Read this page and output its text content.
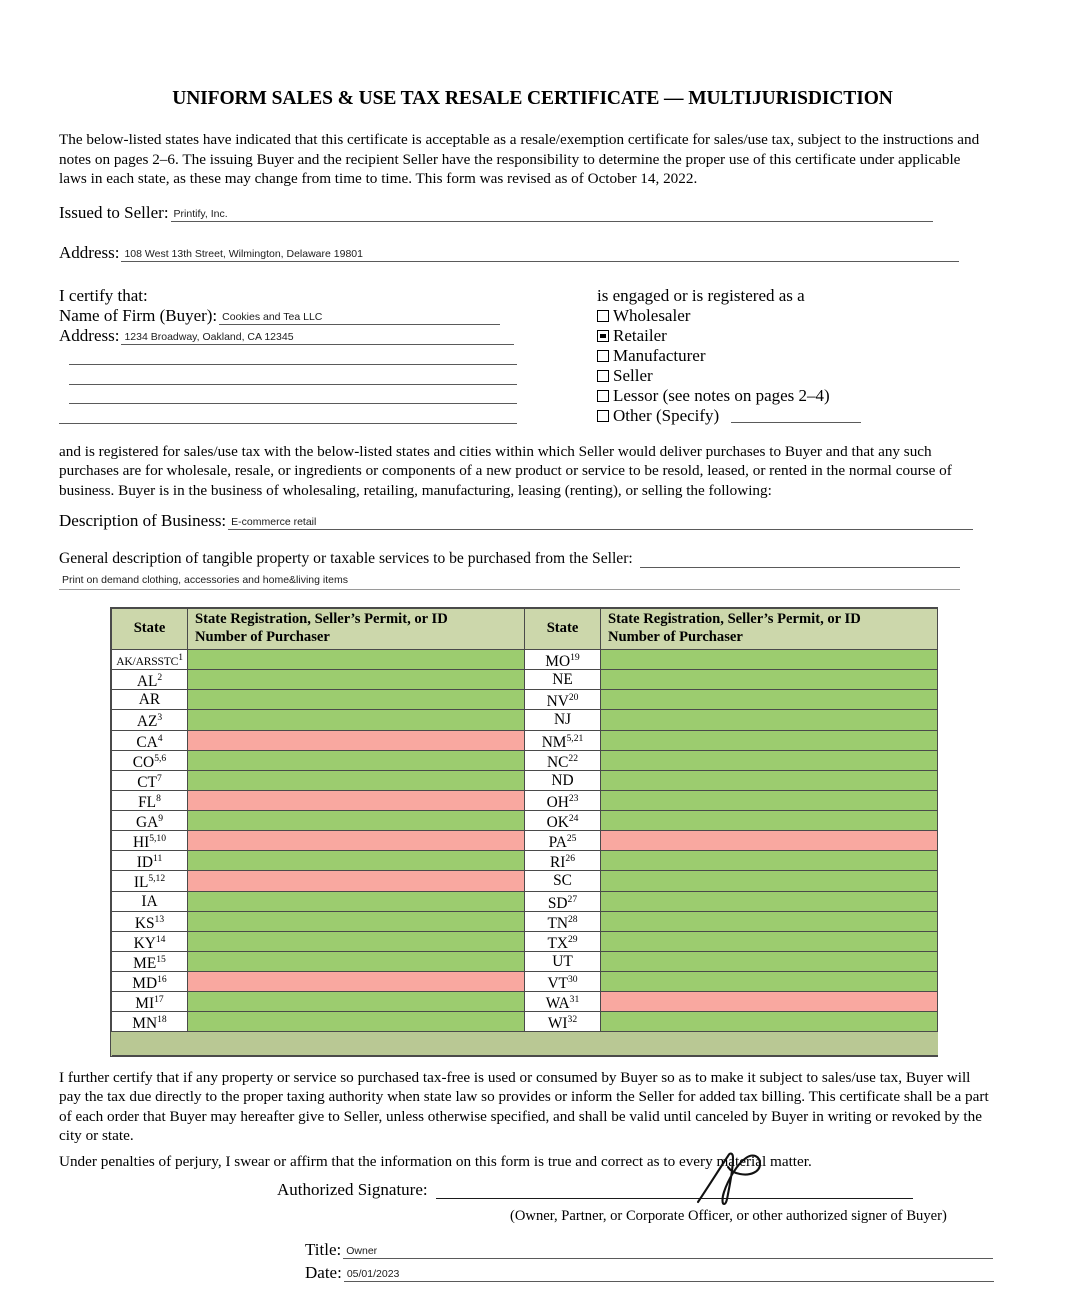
UNIFORM SALES & USE TAX RESALE CERTIFICATE — MULTIJURISDICTION
The below-listed states have indicated that this certificate is acceptable as a resale/exemption certificate for sales/use tax, subject to the instructions and notes on pages 2–6. The issuing Buyer and the recipient Seller have the responsibility to determine the proper use of this certificate under applicable laws in each state, as these may change from time to time. This form was revised as of October 14, 2022.
Issued to Seller: Printify, Inc.
Address: 108 West 13th Street, Wilmington, Delaware 19801
I certify that:
Name of Firm (Buyer): Cookies and Tea LLC
Address: 1234 Broadway, Oakland, CA 12345
is engaged or is registered as a
Wholesaler
Retailer
Manufacturer
Seller
Lessor (see notes on pages 2–4)
Other (Specify)
and is registered for sales/use tax with the below-listed states and cities within which Seller would deliver purchases to Buyer and that any such purchases are for wholesale, resale, or ingredients or components of a new product or service to be resold, leased, or rented in the normal course of business. Buyer is in the business of wholesaling, retailing, manufacturing, leasing (renting), or selling the following:
Description of Business: E-commerce retail
General description of tangible property or taxable services to be purchased from the Seller:
Print on demand clothing, accessories and home&living items
State	State Registration, Seller’s Permit, or ID
Number of Purchaser	State	State Registration, Seller’s Permit, or ID
Number of Purchaser
AK/ARSSTC$^1$		MO$^{19}$	
$AL^2$		NE	
AR		NV$^{20}$	
$AZ^3$		NJ	
$CA^4$		NM$^{5,21}$	
CO$^{5,6}$		NC$^{22}$	
$CT^7$		ND	
$FL^8$		OH$^{23}$	
$GA^9$		OK$^{24}$	
HI$^{5,10}$		PA$^{25}$	
ID$^{11}$		RI$^{26}$	
IL$^{5,12}$		SC	
IA		SD$^{27}$	
KS$^{13}$		TN$^{28}$	
KY$^{14}$		TX$^{29}$	
ME$^{15}$		UT	
MD$^{16}$		VT$^{30}$	
MI$^{17}$		WA$^{31}$	
MN$^{18}$		WI$^{32}$	

I further certify that if any property or service so purchased tax-free is used or consumed by Buyer so as to make it subject to sales/use tax, Buyer will pay the tax due directly to the proper taxing authority when state law so provides or inform the Seller for added tax billing. This certificate shall be a part of each order that Buyer may hereafter give to Seller, unless otherwise specified, and shall be valid until canceled by Buyer in writing or revoked by the city or state.
Under penalties of perjury, I swear or affirm that the information on this form is true and correct as to every material matter.
Authorized Signature:
(Owner, Partner, or Corporate Officer, or other authorized signer of Buyer)
Title: Owner
Date: 05/01/2023
